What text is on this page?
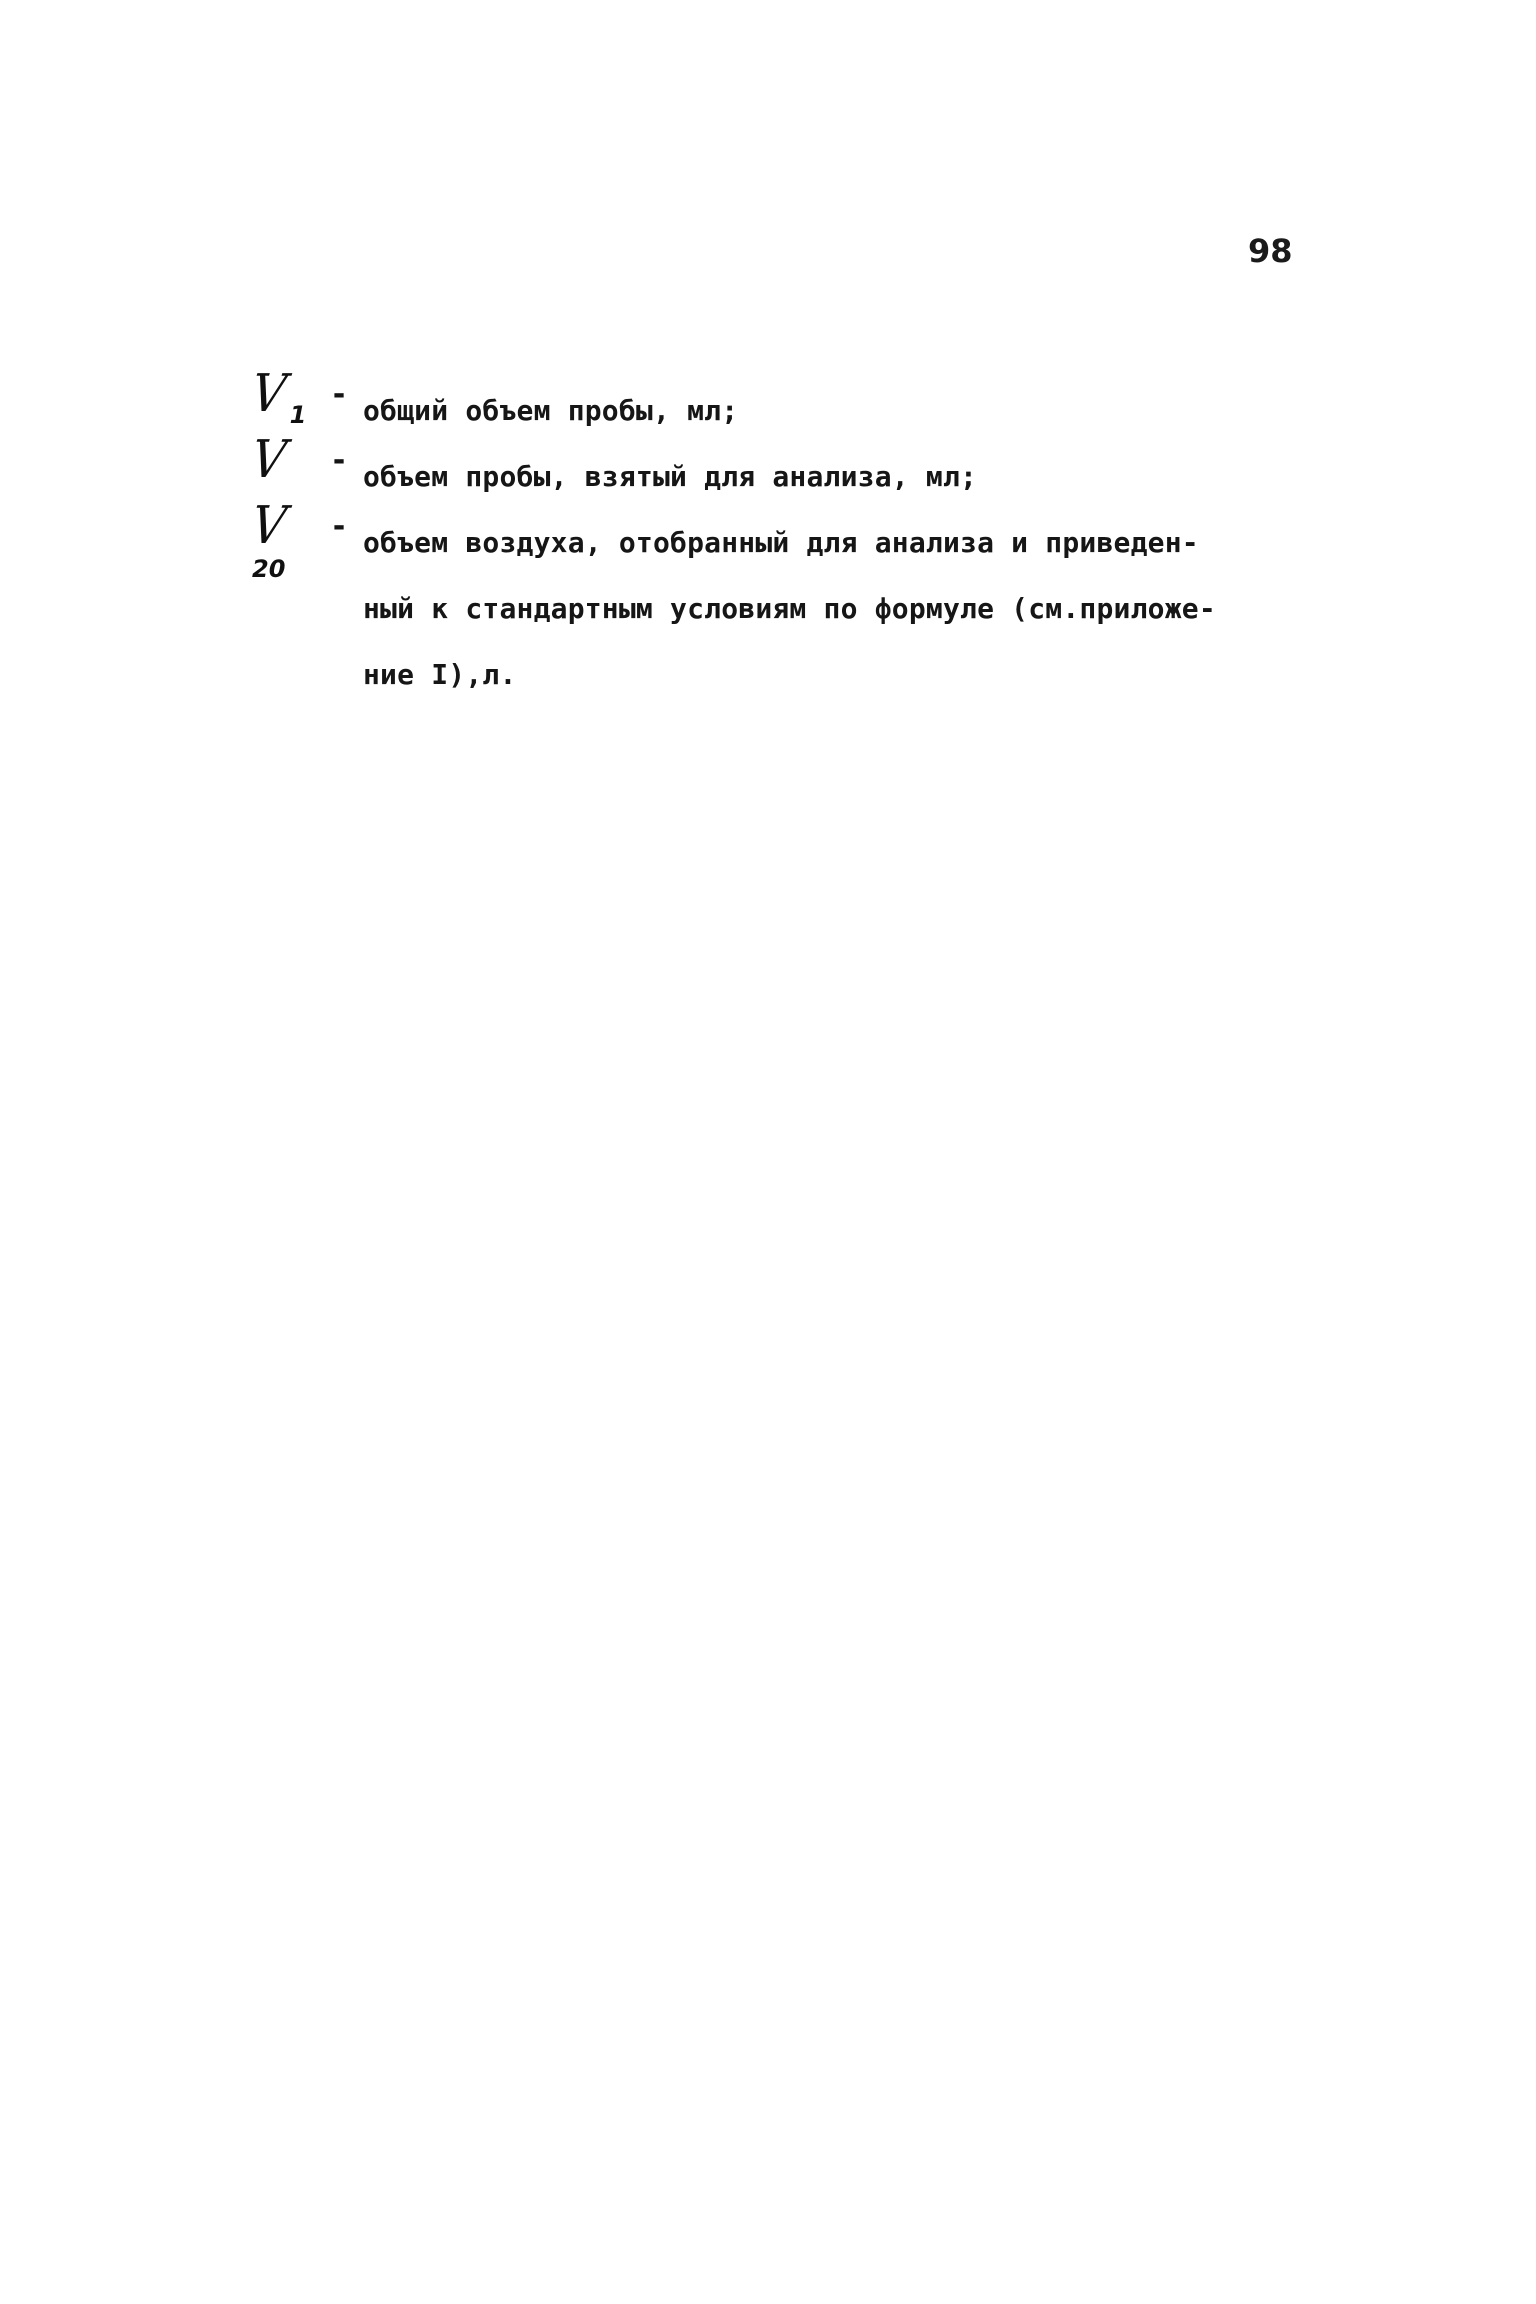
98
V1
- общий объем пробы, мл;
V	- объем пробы, взятый для анализа, мл;
V20
- объем воздуха, отобранный для анализа и приведен-
ный к стандартным условиям по формуле (см.приложе-
ние I),л.
